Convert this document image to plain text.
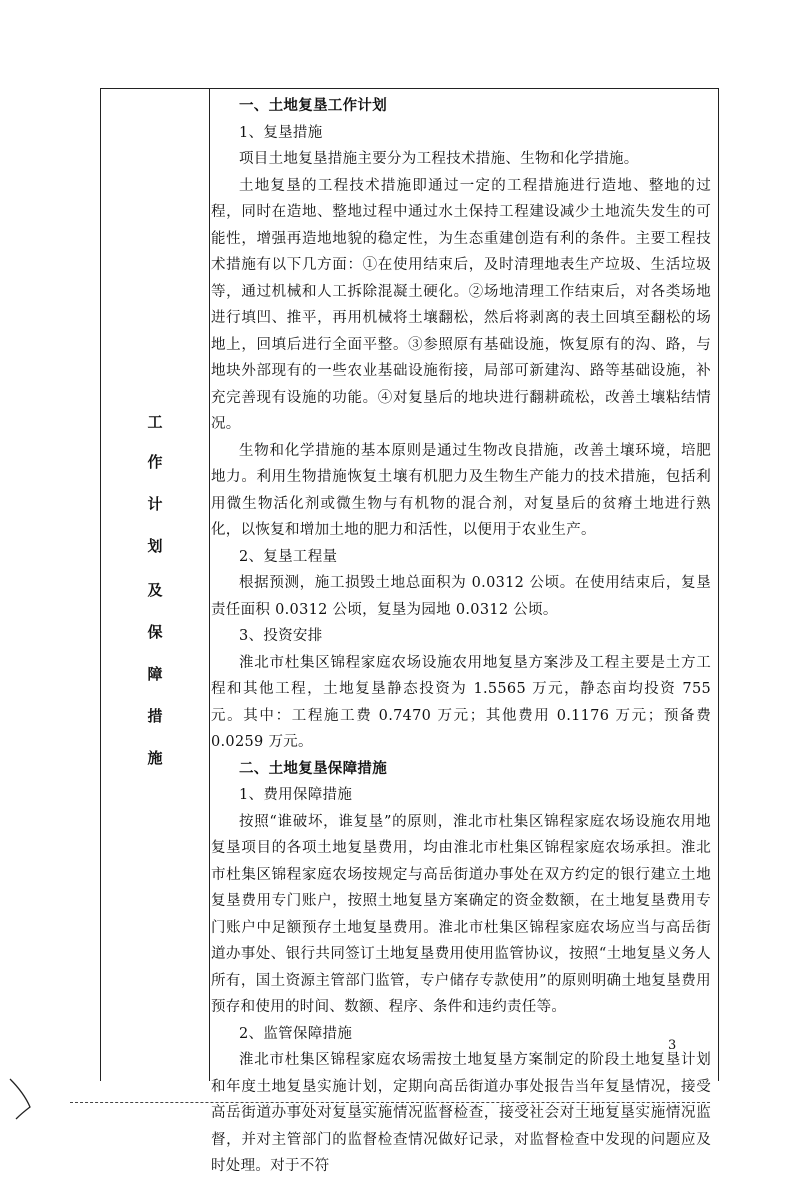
工
作
计
划
及
保
障
措
施

一、土地复垦工作计划

1、复垦措施

项目土地复垦措施主要分为工程技术措施、生物和化学措施。

土地复垦的工程技术措施即通过一定的工程措施进行造地、整地的过程，同时在造地、整地过程中通过水土保持工程建设减少土地流失发生的可能性，增强再造地地貌的稳定性，为生态重建创造有利的条件。主要工程技术措施有以下几方面：①在使用结束后，及时清理地表生产垃圾、生活垃圾等，通过机械和人工拆除混凝土硬化。②场地清理工作结束后，对各类场地进行填凹、推平，再用机械将土壤翻松，然后将剥离的表土回填至翻松的场地上，回填后进行全面平整。③参照原有基础设施，恢复原有的沟、路，与地块外部现有的一些农业基础设施衔接，局部可新建沟、路等基础设施，补充完善现有设施的功能。④对复垦后的地块进行翻耕疏松，改善土壤粘结情况。

生物和化学措施的基本原则是通过生物改良措施，改善土壤环境，培肥地力。利用生物措施恢复土壤有机肥力及生物生产能力的技术措施，包括利用微生物活化剂或微生物与有机物的混合剂，对复垦后的贫瘠土地进行熟化，以恢复和增加土地的肥力和活性，以便用于农业生产。

2、复垦工程量

根据预测，施工损毁土地总面积为 0.0312 公顷。在使用结束后，复垦责任面积 0.0312 公顷，复垦为园地 0.0312 公顷。

3、投资安排

淮北市杜集区锦程家庭农场设施农用地复垦方案涉及工程主要是土方工程和其他工程，土地复垦静态投资为 1.5565 万元，静态亩均投资 755 元。其中：工程施工费 0.7470 万元；其他费用 0.1176 万元；预备费 0.0259 万元。

二、土地复垦保障措施

1、费用保障措施

按照“谁破坏，谁复垦”的原则，淮北市杜集区锦程家庭农场设施农用地复垦项目的各项土地复垦费用，均由淮北市杜集区锦程家庭农场承担。淮北市杜集区锦程家庭农场按规定与高岳街道办事处在双方约定的银行建立土地复垦费用专门账户，按照土地复垦方案确定的资金数额，在土地复垦费用专门账户中足额预存土地复垦费用。淮北市杜集区锦程家庭农场应当与高岳街道办事处、银行共同签订土地复垦费用使用监管协议，按照“土地复垦义务人所有，国土资源主管部门监管，专户储存专款使用”的原则明确土地复垦费用预存和使用的时间、数额、程序、条件和违约责任等。

2、监管保障措施

淮北市杜集区锦程家庭农场需按土地复垦方案制定的阶段土地复垦计划和年度土地复垦实施计划，定期向高岳街道办事处报告当年复垦情况，接受高岳街道办事处对复垦实施情况监督检查，接受社会对土地复垦实施情况监督，并对主管部门的监督检查情况做好记录，对监督检查中发现的问题应及时处理。对于不符

3
